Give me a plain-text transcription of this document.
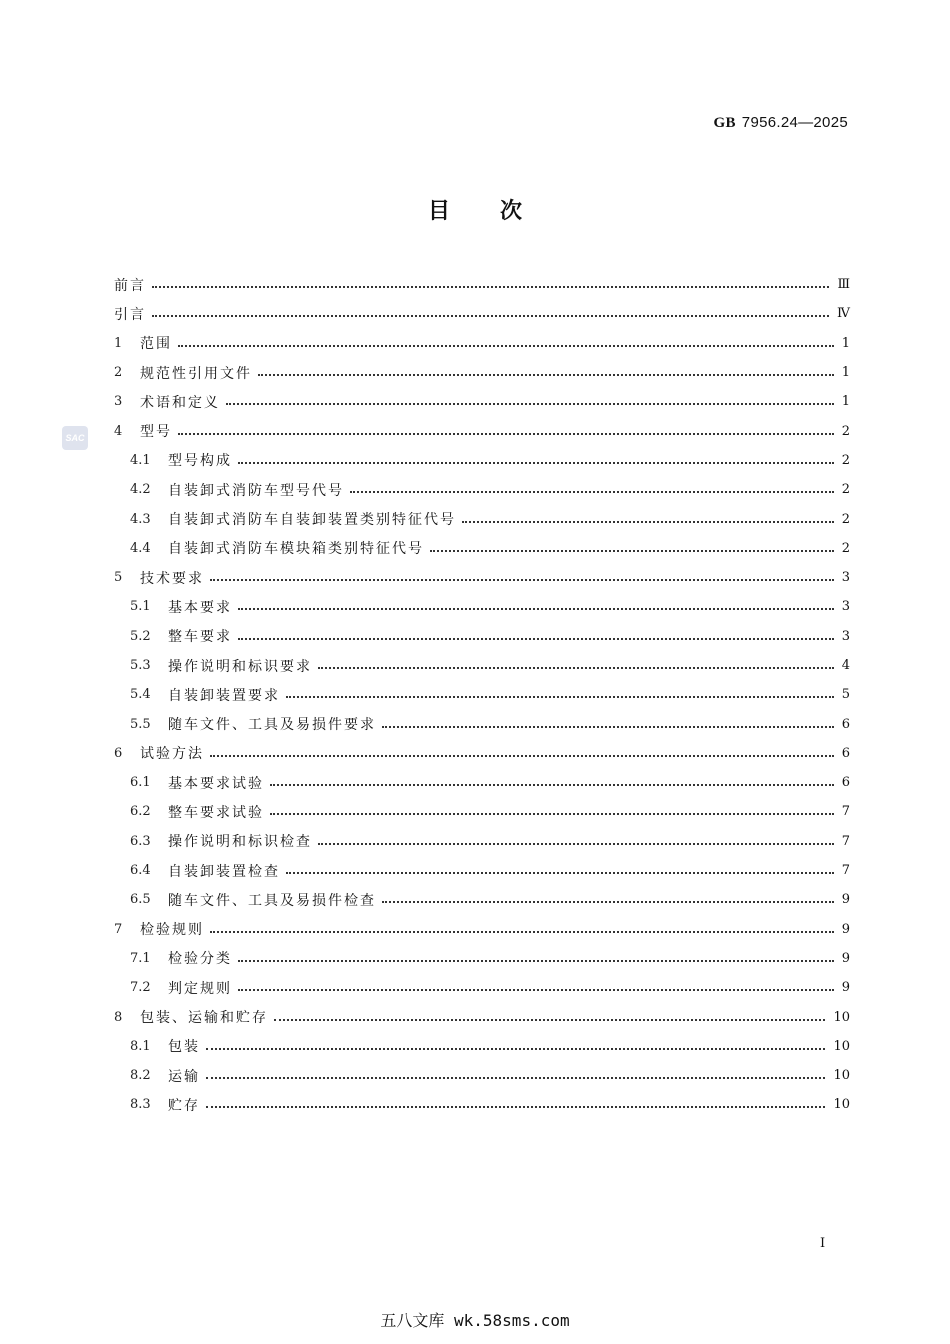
GB 7956.24—2025
目次
SAC
前言	Ⅲ
引言	Ⅳ
1	范围	1
2	规范性引用文件	1
3	术语和定义	1
4	型号	2
4.1	型号构成	2
4.2	自装卸式消防车型号代号	2
4.3	自装卸式消防车自装卸装置类别特征代号	2
4.4	自装卸式消防车模块箱类别特征代号	2
5	技术要求	3
5.1	基本要求	3
5.2	整车要求	3
5.3	操作说明和标识要求	4
5.4	自装卸装置要求	5
5.5	随车文件、工具及易损件要求	6
6	试验方法	6
6.1	基本要求试验	6
6.2	整车要求试验	7
6.3	操作说明和标识检查	7
6.4	自装卸装置检查	7
6.5	随车文件、工具及易损件检查	9
7	检验规则	9
7.1	检验分类	9
7.2	判定规则	9
8	包装、运输和贮存	10
8.1	包装	10
8.2	运输	10
8.3	贮存	10
I
五八文库 wk.58sms.com
